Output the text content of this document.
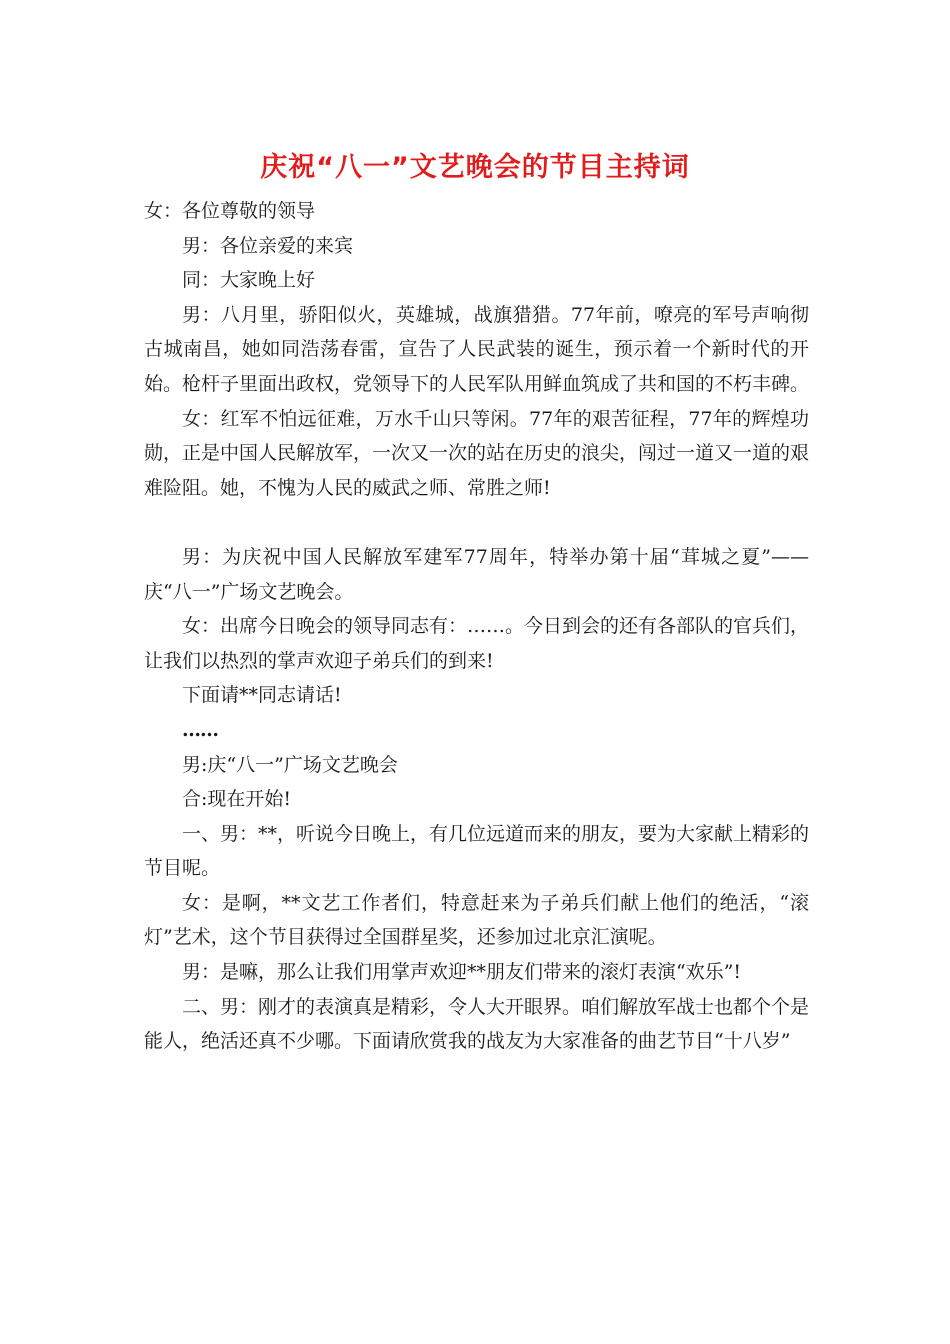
庆祝“八一”文艺晚会的节目主持词

女：各位尊敬的领导

男：各位亲爱的来宾

同：大家晚上好

男：八月里，骄阳似火，英雄城，战旗猎猎。77年前，嘹亮的军号声响彻古城南昌，她如同浩荡春雷，宣告了人民武装的诞生，预示着一个新时代的开始。枪杆子里面出政权，党领导下的人民军队用鲜血筑成了共和国的不朽丰碑。

女：红军不怕远征难，万水千山只等闲。77年的艰苦征程，77年的辉煌功勋，正是中国人民解放军，一次又一次的站在历史的浪尖，闯过一道又一道的艰难险阻。她，不愧为人民的威武之师、常胜之师!

男：为庆祝中国人民解放军建军77周年，特举办第十届“茸城之夏”——庆“八一”广场文艺晚会。

女：出席今日晚会的领导同志有：……。今日到会的还有各部队的官兵们，让我们以热烈的掌声欢迎子弟兵们的到来!

下面请**同志请话!

……

男:庆“八一”广场文艺晚会

合:现在开始!

一、男：**，听说今日晚上，有几位远道而来的朋友，要为大家献上精彩的节目呢。

女：是啊，**文艺工作者们，特意赶来为子弟兵们献上他们的绝活，“滚灯”艺术，这个节目获得过全国群星奖，还参加过北京汇演呢。

男：是嘛，那么让我们用掌声欢迎**朋友们带来的滚灯表演“欢乐”!

二、男：刚才的表演真是精彩，令人大开眼界。咱们解放军战士也都个个是能人，绝活还真不少哪。下面请欣赏我的战友为大家准备的曲艺节目“十八岁”
